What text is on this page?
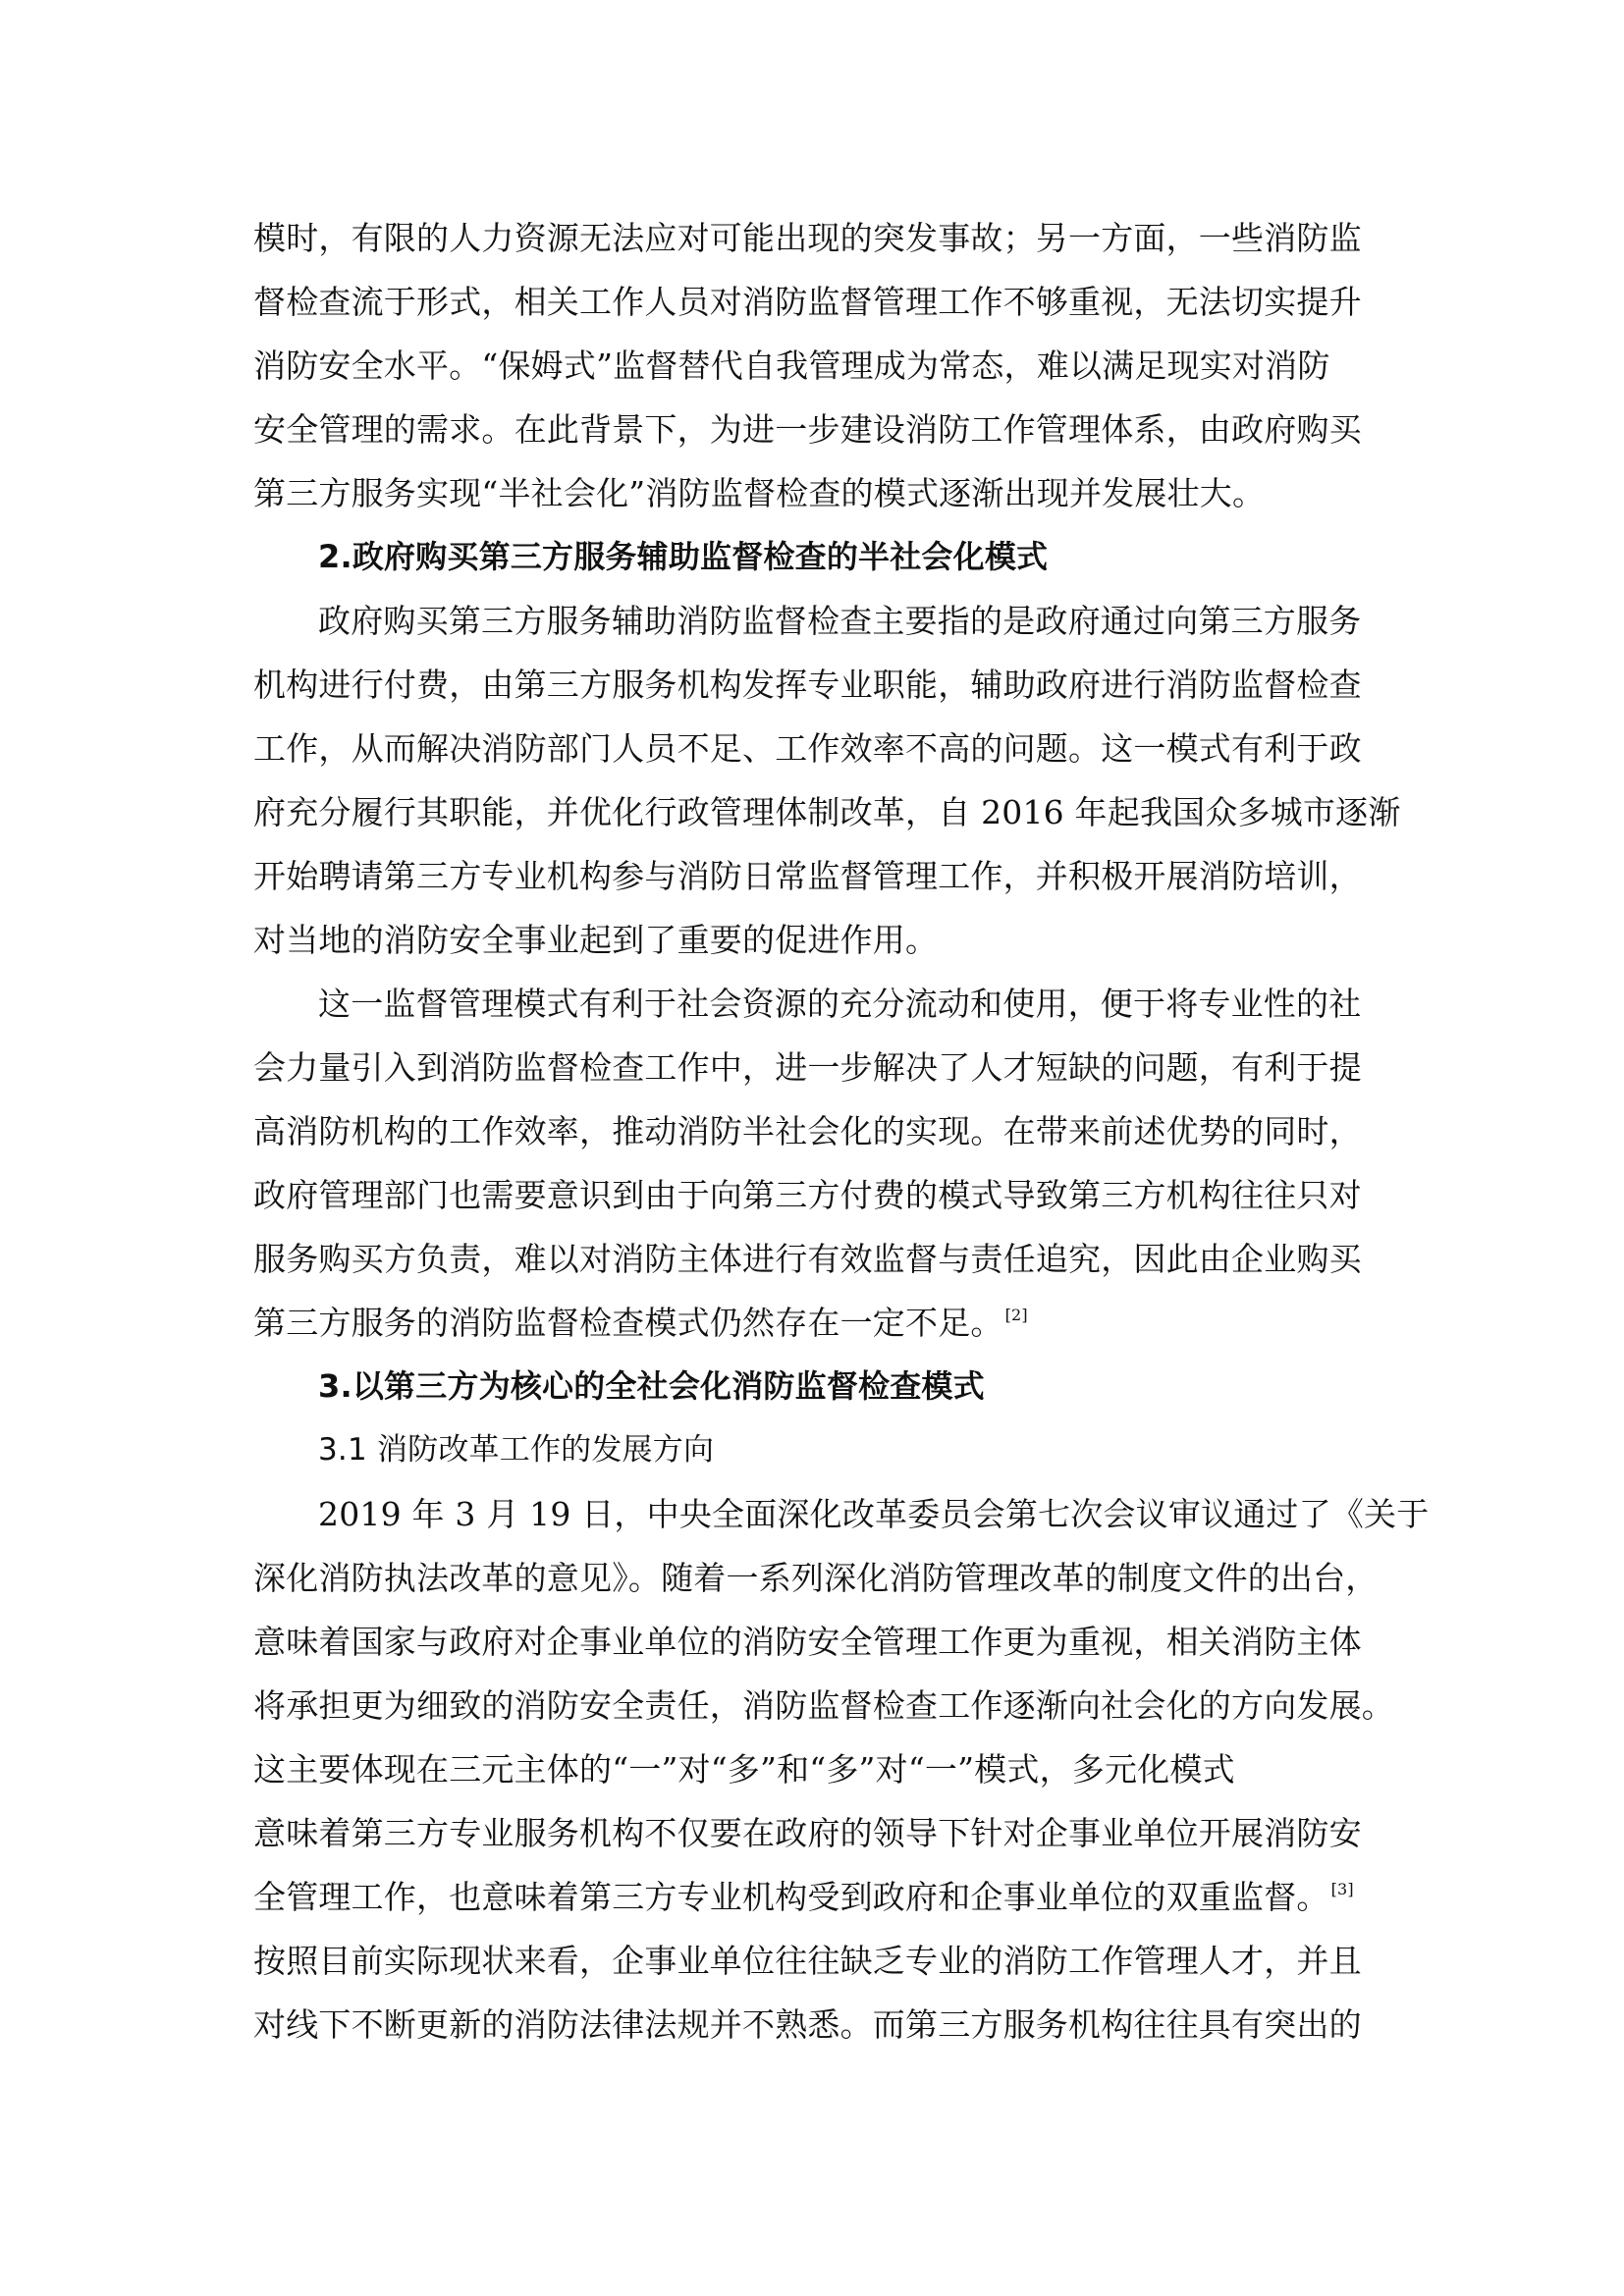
模时，有限的人力资源无法应对可能出现的突发事故；另一方面，一些消防监
督检查流于形式，相关工作人员对消防监督管理工作不够重视，无法切实提升
消防安全水平。“保姆式”监督替代自我管理成为常态，难以满足现实对消防
安全管理的需求。在此背景下，为进一步建设消防工作管理体系，由政府购买
第三方服务实现“半社会化”消防监督检查的模式逐渐出现并发展壮大。
2.政府购买第三方服务辅助监督检查的半社会化模式
政府购买第三方服务辅助消防监督检查主要指的是政府通过向第三方服务
机构进行付费，由第三方服务机构发挥专业职能，辅助政府进行消防监督检查
工作，从而解决消防部门人员不足、工作效率不高的问题。这一模式有利于政
府充分履行其职能，并优化行政管理体制改革，自 2016 年起我国众多城市逐渐
开始聘请第三方专业机构参与消防日常监督管理工作，并积极开展消防培训，
对当地的消防安全事业起到了重要的促进作用。
这一监督管理模式有利于社会资源的充分流动和使用，便于将专业性的社
会力量引入到消防监督检查工作中，进一步解决了人才短缺的问题，有利于提
高消防机构的工作效率，推动消防半社会化的实现。在带来前述优势的同时，
政府管理部门也需要意识到由于向第三方付费的模式导致第三方机构往往只对
服务购买方负责，难以对消防主体进行有效监督与责任追究，因此由企业购买
第三方服务的消防监督检查模式仍然存在一定不足。 [2]
3.以第三方为核心的全社会化消防监督检查模式
3.1 消防改革工作的发展方向
2019 年 3 月 19 日，中央全面深化改革委员会第七次会议审议通过了《关于
深化消防执法改革的意见》。随着一系列深化消防管理改革的制度文件的出台，
意味着国家与政府对企事业单位的消防安全管理工作更为重视，相关消防主体
将承担更为细致的消防安全责任，消防监督检查工作逐渐向社会化的方向发展。
这主要体现在三元主体的“一”对“多”和“多”对“一”模式，多元化模式
意味着第三方专业服务机构不仅要在政府的领导下针对企事业单位开展消防安
全管理工作，也意味着第三方专业机构受到政府和企事业单位的双重监督。 [3]
按照目前实际现状来看，企事业单位往往缺乏专业的消防工作管理人才，并且
对线下不断更新的消防法律法规并不熟悉。而第三方服务机构往往具有突出的
